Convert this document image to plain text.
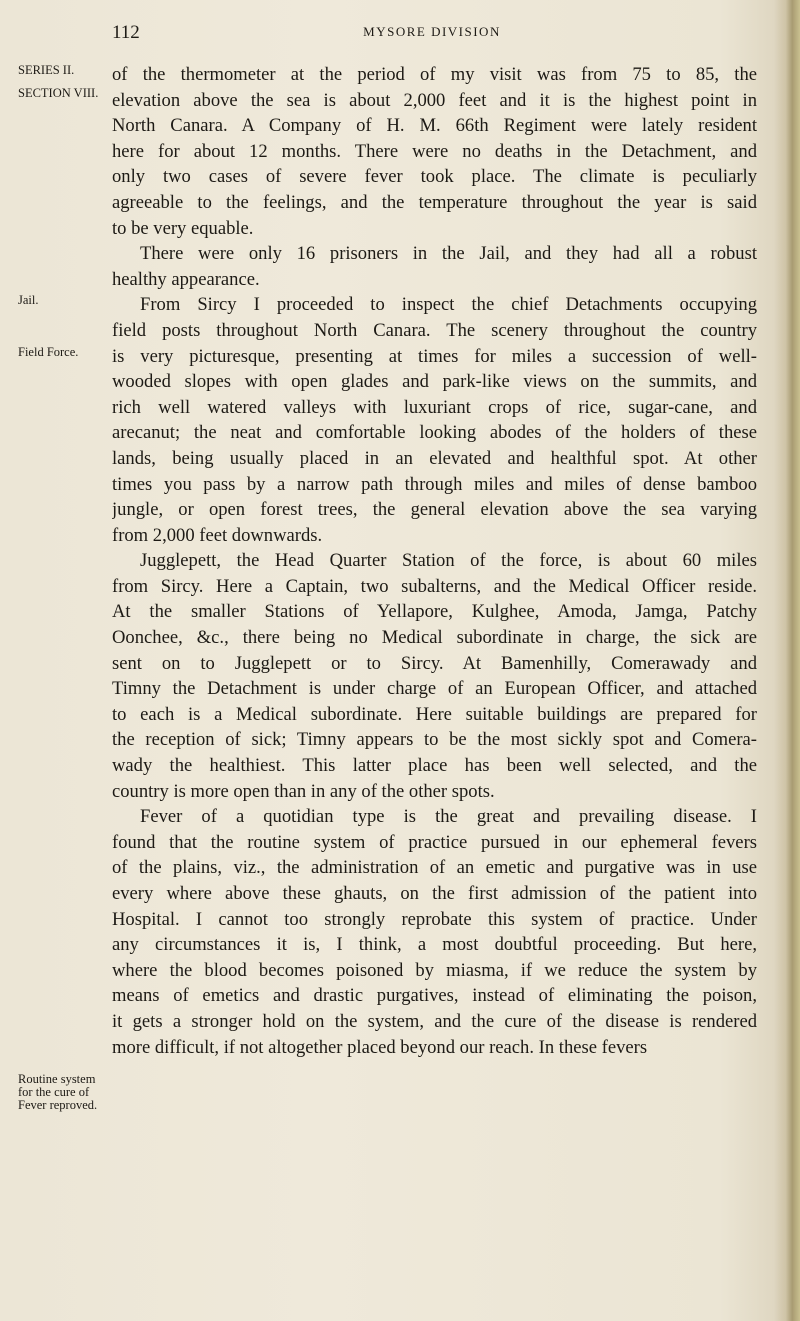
112	MYSORE DIVISION
SERIES II.
SECTION VIII.
Jail.
Field Force.
Routine system for the cure of Fever reproved.
of the thermometer at the period of my visit was from 75 to 85, the
elevation above the sea is about 2,000 feet and it is the highest point in
North Canara. A Company of H. M. 66th Regiment were lately resident
here for about 12 months. There were no deaths in the Detachment, and
only two cases of severe fever took place. The climate is peculiarly
agreeable to the feelings, and the temperature throughout the year is said
to be very equable.
There were only 16 prisoners in the Jail, and they had all a robust
healthy appearance.
From Sircy I proceeded to inspect the chief Detachments occupying
field posts throughout North Canara. The scenery throughout the country
is very picturesque, presenting at times for miles a succession of well-
wooded slopes with open glades and park-like views on the summits, and
rich well watered valleys with luxuriant crops of rice, sugar-cane, and
arecanut; the neat and comfortable looking abodes of the holders of these
lands, being usually placed in an elevated and healthful spot. At other
times you pass by a narrow path through miles and miles of dense bamboo
jungle, or open forest trees, the general elevation above the sea varying
from 2,000 feet downwards.
Jugglepett, the Head Quarter Station of the force, is about 60 miles
from Sircy. Here a Captain, two subalterns, and the Medical Officer reside.
At the smaller Stations of Yellapore, Kulghee, Amoda, Jamga, Patchy
Oonchee, &c., there being no Medical subordinate in charge, the sick are
sent on to Jugglepett or to Sircy. At Bamenhilly, Comerawady and
Timny the Detachment is under charge of an European Officer, and attached
to each is a Medical subordinate. Here suitable buildings are prepared for
the reception of sick; Timny appears to be the most sickly spot and Comera-
wady the healthiest. This latter place has been well selected, and the
country is more open than in any of the other spots.
Fever of a quotidian type is the great and prevailing disease. I
found that the routine system of practice pursued in our ephemeral fevers
of the plains, viz., the administration of an emetic and purgative was in use
every where above these ghauts, on the first admission of the patient into
Hospital. I cannot too strongly reprobate this system of practice. Under
any circumstances it is, I think, a most doubtful proceeding. But here,
where the blood becomes poisoned by miasma, if we reduce the system by
means of emetics and drastic purgatives, instead of eliminating the poison,
it gets a stronger hold on the system, and the cure of the disease is rendered
more difficult, if not altogether placed beyond our reach. In these fevers
